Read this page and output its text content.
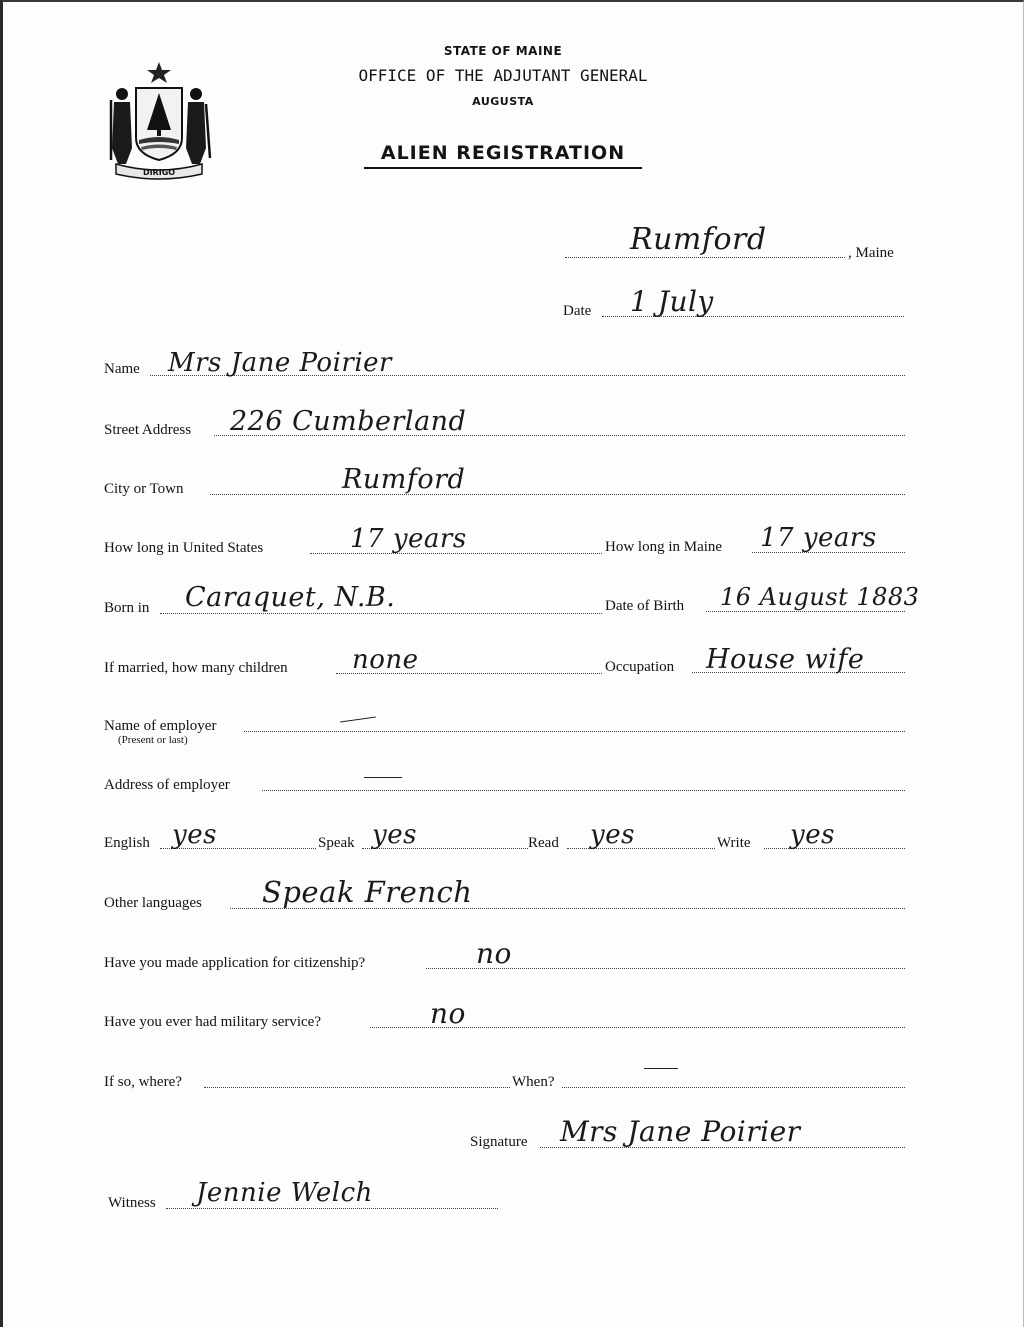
DIRIGO
STATE OF MAINE
OFFICE OF THE ADJUTANT GENERAL
AUGUSTA
ALIEN REGISTRATION
Rumford	, Maine
Date 1 July
Name Mrs Jane Poirier
Street Address 226 Cumberland
City or Town	Rumford
How long in United States	17 years	How long in Maine 17 years
Born in Caraquet, N.B.	Date of Birth 16 August 1883
If married, how many children none	Occupation House wife
Name of employer
(Present or last)
Address of employer
English yes	Speak yes	Read yes	Write yes
Other languages Speak French
Have you made application for citizenship?	no
Have you ever had military service?	no
If so, where?	When?
Signature Mrs Jane Poirier
Witness Jennie Welch
